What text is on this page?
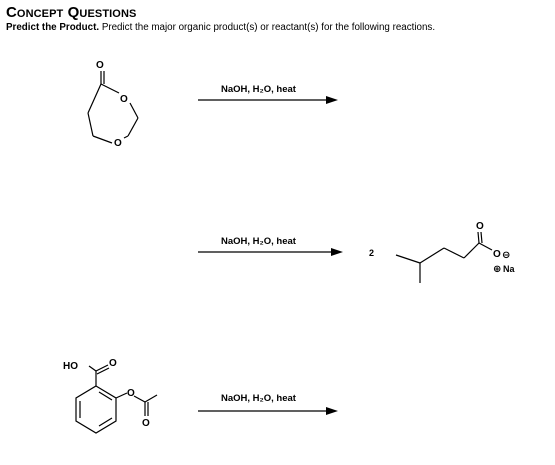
Concept Questions
Predict the Product. Predict the major organic product(s) or reactant(s) for the following reactions.
NaOH, H₂O, heat
NaOH, H₂O, heat
NaOH, H₂O, heat
O
O
O
2
O
O ⊖
⊕ Na
HO	O
O
O
